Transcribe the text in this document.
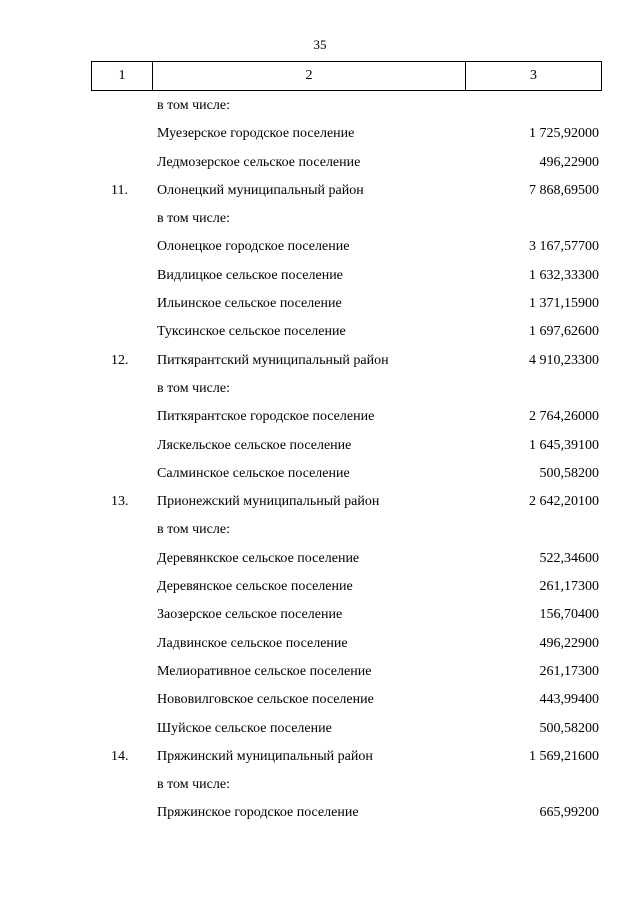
35
1	2	3
в том числе:
Муезерское городское поселение	1 725,92000
Ледмозерское сельское поселение	496,22900
11. Олонецкий муниципальный район	7 868,69500
в том числе:
Олонецкое городское поселение	3 167,57700
Видлицкое сельское поселение	1 632,33300
Ильинское сельское поселение	1 371,15900
Туксинское сельское поселение	1 697,62600
12. Питкярантский муниципальный район	4 910,23300
в том числе:
Питкярантское городское поселение	2 764,26000
Ляскельское сельское поселение	1 645,39100
Салминское сельское поселение	500,58200
13. Прионежский муниципальный район	2 642,20100
в том числе:
Деревянкское сельское поселение	522,34600
Деревянское сельское поселение	261,17300
Заозерское сельское поселение	156,70400
Ладвинское сельское поселение	496,22900
Мелиоративное сельское поселение	261,17300
Нововилговское сельское поселение	443,99400
Шуйское сельское поселение	500,58200
14. Пряжинский муниципальный район	1 569,21600
в том числе:
Пряжинское городское поселение	665,99200
